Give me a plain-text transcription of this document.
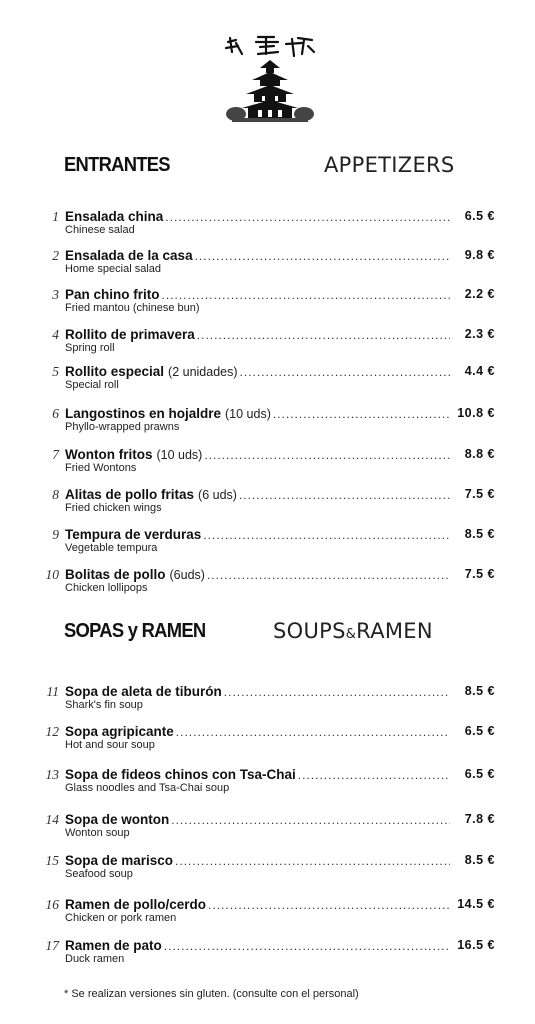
ENTRANTES	APPETIZERS
1 Ensalada china .....	6.5 €
Chinese salad
2 Ensalada de la casa .....	9.8 €
Home special salad
3 Pan chino frito .....	2.2 €
Fried mantou (chinese bun)
4 Rollito de primavera .....	2.3 €
Spring roll
5 Rollito especial (2 unidades) .....	4.4 €
Special roll
6 Langostinos en hojaldre (10 uds) .....	10.8 €
Phyllo-wrapped prawns
7 Wonton fritos (10 uds) .....	8.8 €
Fried Wontons
8 Alitas de pollo fritas (6 uds) .....	7.5 €
Fried chicken wings
9 Tempura de verduras .....	8.5 €
Vegetable tempura
10 Bolitas de pollo (6uds) .....	7.5 €
Chicken lollipops
SOPAS y RAMEN	SOUPS&RAMEN
11 Sopa de aleta de tiburón .....	8.5 €
Shark's fin soup
12 Sopa agripicante .....	6.5 €
Hot and sour soup
13 Sopa de fideos chinos con Tsa-Chai .....	6.5 €
Glass noodles and Tsa-Chai soup
14 Sopa de wonton .....	7.8 €
Wonton soup
15 Sopa de marisco .....	8.5 €
Seafood soup
16 Ramen de pollo/cerdo .....	14.5 €
Chicken or pork ramen
17 Ramen de pato .....	16.5 €
Duck ramen
* Se realizan versiones sin gluten. (consulte con el personal)
